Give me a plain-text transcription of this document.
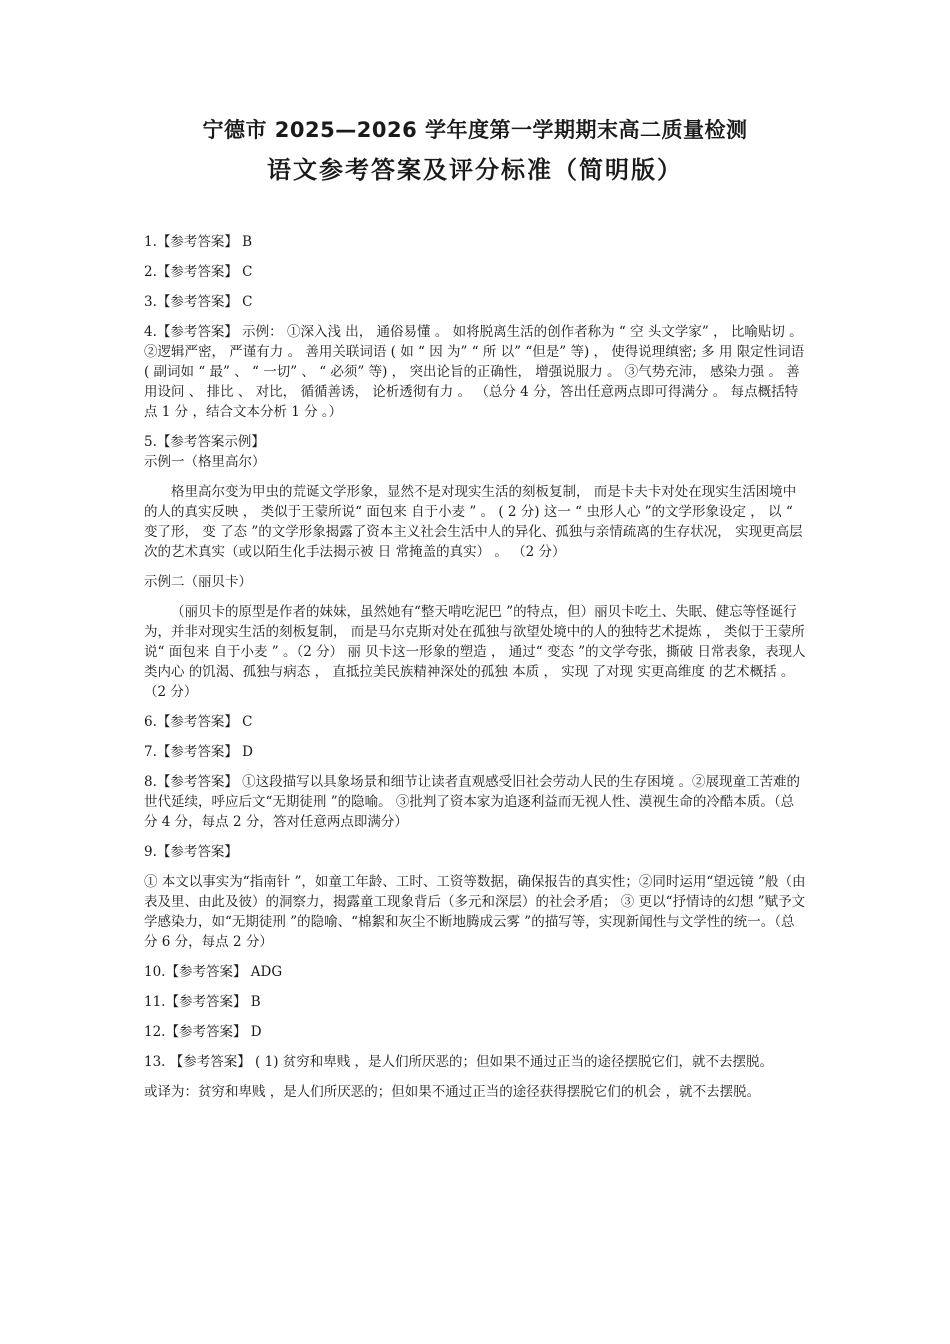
宁德市 2025—2026 学年度第一学期期末高二质量检测
语文参考答案及评分标准（简明版）
1.【参考答案】 B
2.【参考答案】 C
3.【参考答案】 C
4.【参考答案】 示例： ①深入浅 出， 通俗易懂 。 如将脱离生活的创作者称为 “ 空 头文学家” ， 比喻贴切 。 ②逻辑严密， 严谨有力 。 善用关联词语 ( 如 “ 因 为” “ 所 以” “但是” 等) ， 使得说理缜密; 多 用 限定性词语 ( 副词如 “ 最” 、 “ 一切” 、 “ 必须” 等) ， 突出论旨的正确性， 增强说服力 。 ③气势充沛， 感染力强 。 善用设问 、 排比 、 对比， 循循善诱， 论析透彻有力 。 （总分 4 分，答出任意两点即可得满分 。 每点概括特点 1 分 ，结合文本分析 1 分 。）
5.【参考答案示例】
示例一（格里高尔）
格里高尔变为甲虫的荒诞文学形象，显然不是对现实生活的刻板复制， 而是卡夫卡对处在现实生活困境中的人的真实反映 ， 类似于王蒙所说“ 面包来 自于小麦 ” 。 ( 2 分) 这一 “ 虫形人心 ”的文学形象设定 ， 以 “ 变了形， 变 了态 ”的文学形象揭露了资本主义社会生活中人的异化、孤独与亲情疏离的生存状况， 实现更高层次的艺术真实（或以陌生化手法揭示被 日 常掩盖的真实） 。 （2 分）
示例二（丽贝卡）
（丽贝卡的原型是作者的妹妹，虽然她有“整天啃吃泥巴 ”的特点，但）丽贝卡吃土、失眠、健忘等怪诞行为，并非对现实生活的刻板复制， 而是马尔克斯对处在孤独与欲望处境中的人的独特艺术提炼 ， 类似于王蒙所说“ 面包来 自于小麦 ” 。（2 分） 丽 贝卡这一形象的塑造 ， 通过“ 变态 ”的文学夸张，撕破 日常表象，表现人类内心 的饥渴、孤独与病态 ， 直抵拉美民族精神深处的孤独 本质 ， 实现 了对现 实更高维度 的艺术概括 。 （2 分）
6.【参考答案】 C
7.【参考答案】 D
8.【参考答案】 ①这段描写以具象场景和细节让读者直观感受旧社会劳动人民的生存困境 。②展现童工苦难的世代延续，呼应后文“无期徒刑 ”的隐喻。 ③批判了资本家为追逐利益而无视人性、漠视生命的冷酷本质。（总分 4 分，每点 2 分，答对任意两点即满分）
9.【参考答案】
① 本文以事实为“指南针 ”，如童工年龄、工时、工资等数据，确保报告的真实性；②同时运用“望远镜 ”般（由表及里、由此及彼）的洞察力，揭露童工现象背后（多元和深层）的社会矛盾； ③ 更以“抒情诗的幻想 ”赋予文学感染力，如“无期徒刑 ”的隐喻、“棉絮和灰尘不断地腾成云雾 ”的描写等，实现新闻性与文学性的统一。（总分 6 分，每点 2 分）
10.【参考答案】 ADG
11.【参考答案】 B
12.【参考答案】 D
13. 【参考答案】 ( 1) 贫穷和卑贱 ，是人们所厌恶的；但如果不通过正当的途径摆脱它们，就不去摆脱。
或译为：贫穷和卑贱 ，是人们所厌恶的；但如果不通过正当的途径获得摆脱它们的机会 ，就不去摆脱。
